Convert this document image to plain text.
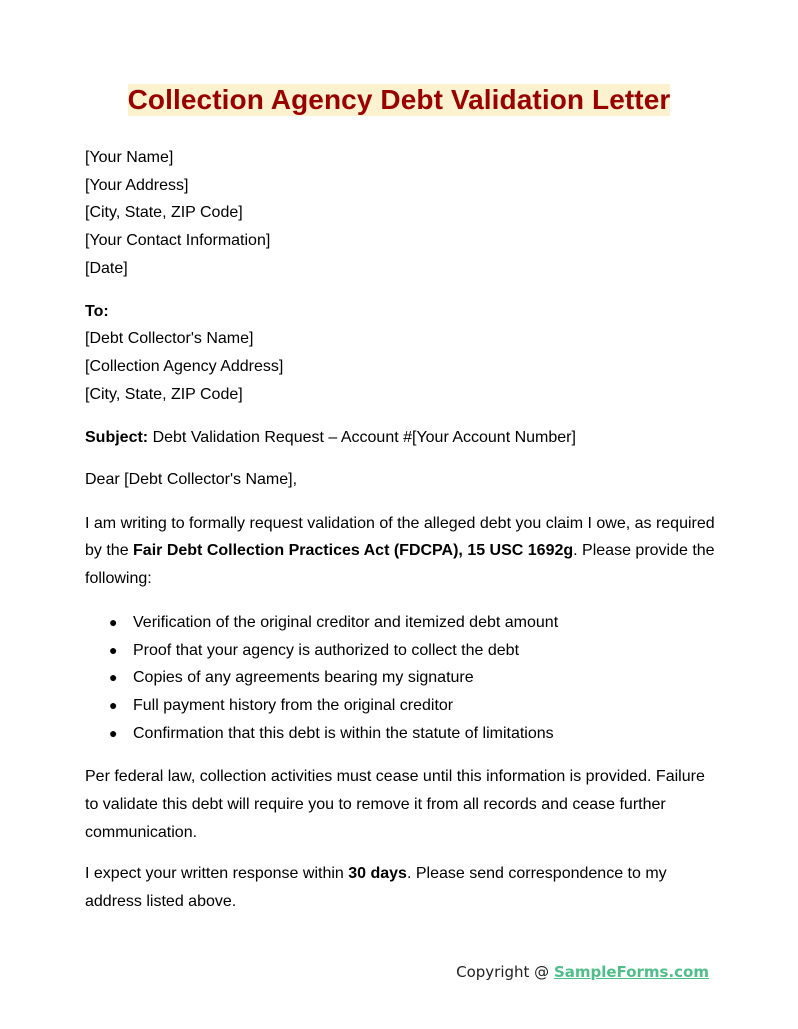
Collection Agency Debt Validation Letter
[Your Name]
[Your Address]
[City, State, ZIP Code]
[Your Contact Information]
[Date]
To:
[Debt Collector's Name]
[Collection Agency Address]
[City, State, ZIP Code]
Subject: Debt Validation Request – Account #[Your Account Number]
Dear [Debt Collector's Name],

I am writing to formally request validation of the alleged debt you claim I owe, as required by the Fair Debt Collection Practices Act (FDCPA), 15 USC 1692g. Please provide the following:

● Verification of the original creditor and itemized debt amount
● Proof that your agency is authorized to collect the debt
● Copies of any agreements bearing my signature
● Full payment history from the original creditor
● Confirmation that this debt is within the statute of limitations

Per federal law, collection activities must cease until this information is provided. Failure to validate this debt will require you to remove it from all records and cease further communication.

I expect your written response within 30 days. Please send correspondence to my address listed above.

Copyright @ SampleForms.com
